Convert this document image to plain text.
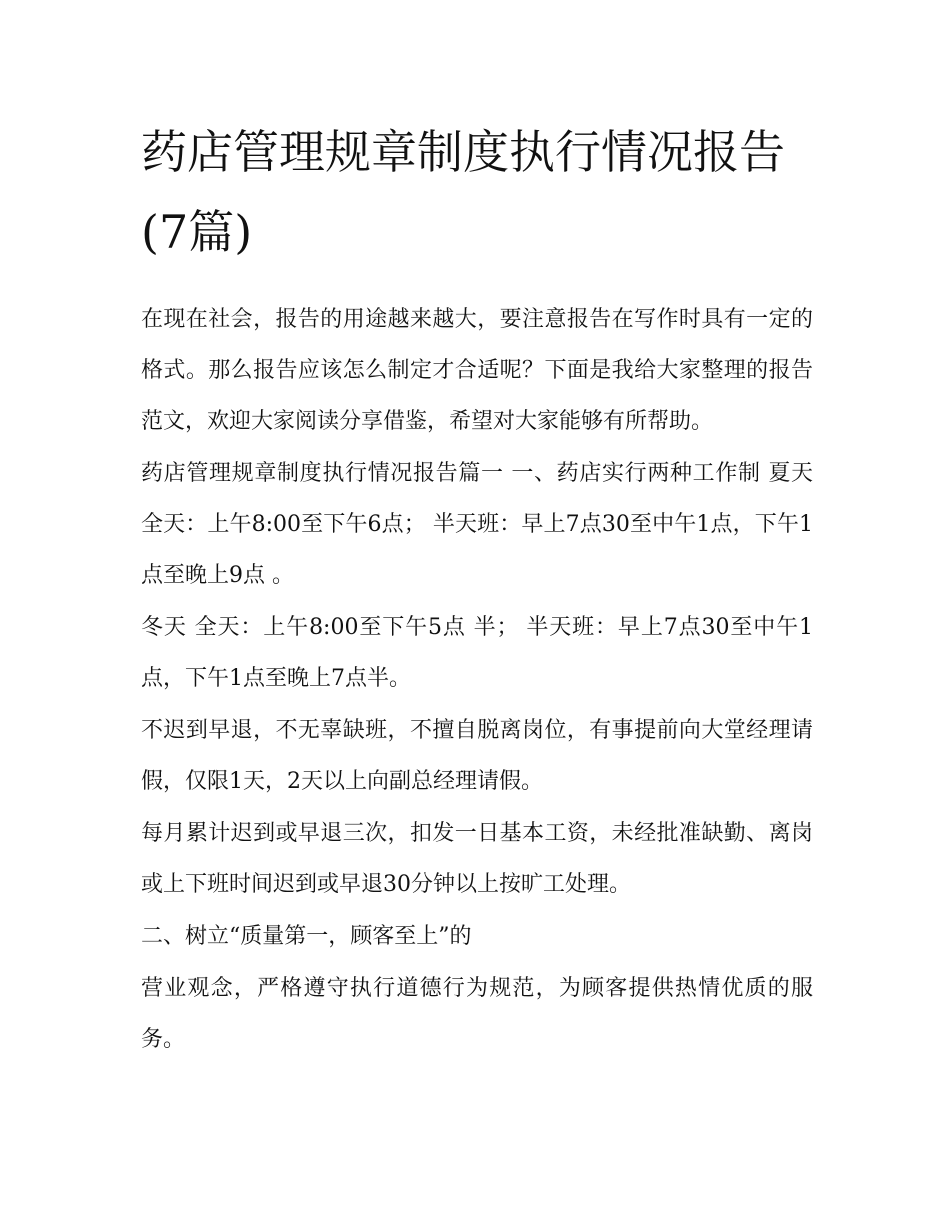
药店管理规章制度执行情况报告(7篇)

在现在社会，报告的用途越来越大，要注意报告在写作时具有一定的格式。那么报告应该怎么制定才合适呢？下面是我给大家整理的报告范文，欢迎大家阅读分享借鉴，希望对大家能够有所帮助。

药店管理规章制度执行情况报告篇一 一、药店实行两种工作制 夏天 全天：上午8:00至下午6点； 半天班：早上7点30至中午1点，下午1点至晚上9点 。

冬天 全天：上午8:00至下午5点 半； 半天班：早上7点30至中午1点，下午1点至晚上7点半。

不迟到早退，不无辜缺班，不擅自脱离岗位，有事提前向大堂经理请假，仅限1天，2天以上向副总经理请假。

每月累计迟到或早退三次，扣发一日基本工资，未经批准缺勤、离岗或上下班时间迟到或早退30分钟以上按旷工处理。

二、树立“质量第一，顾客至上”的

营业观念，严格遵守执行道德行为规范，为顾客提供热情优质的服务。
